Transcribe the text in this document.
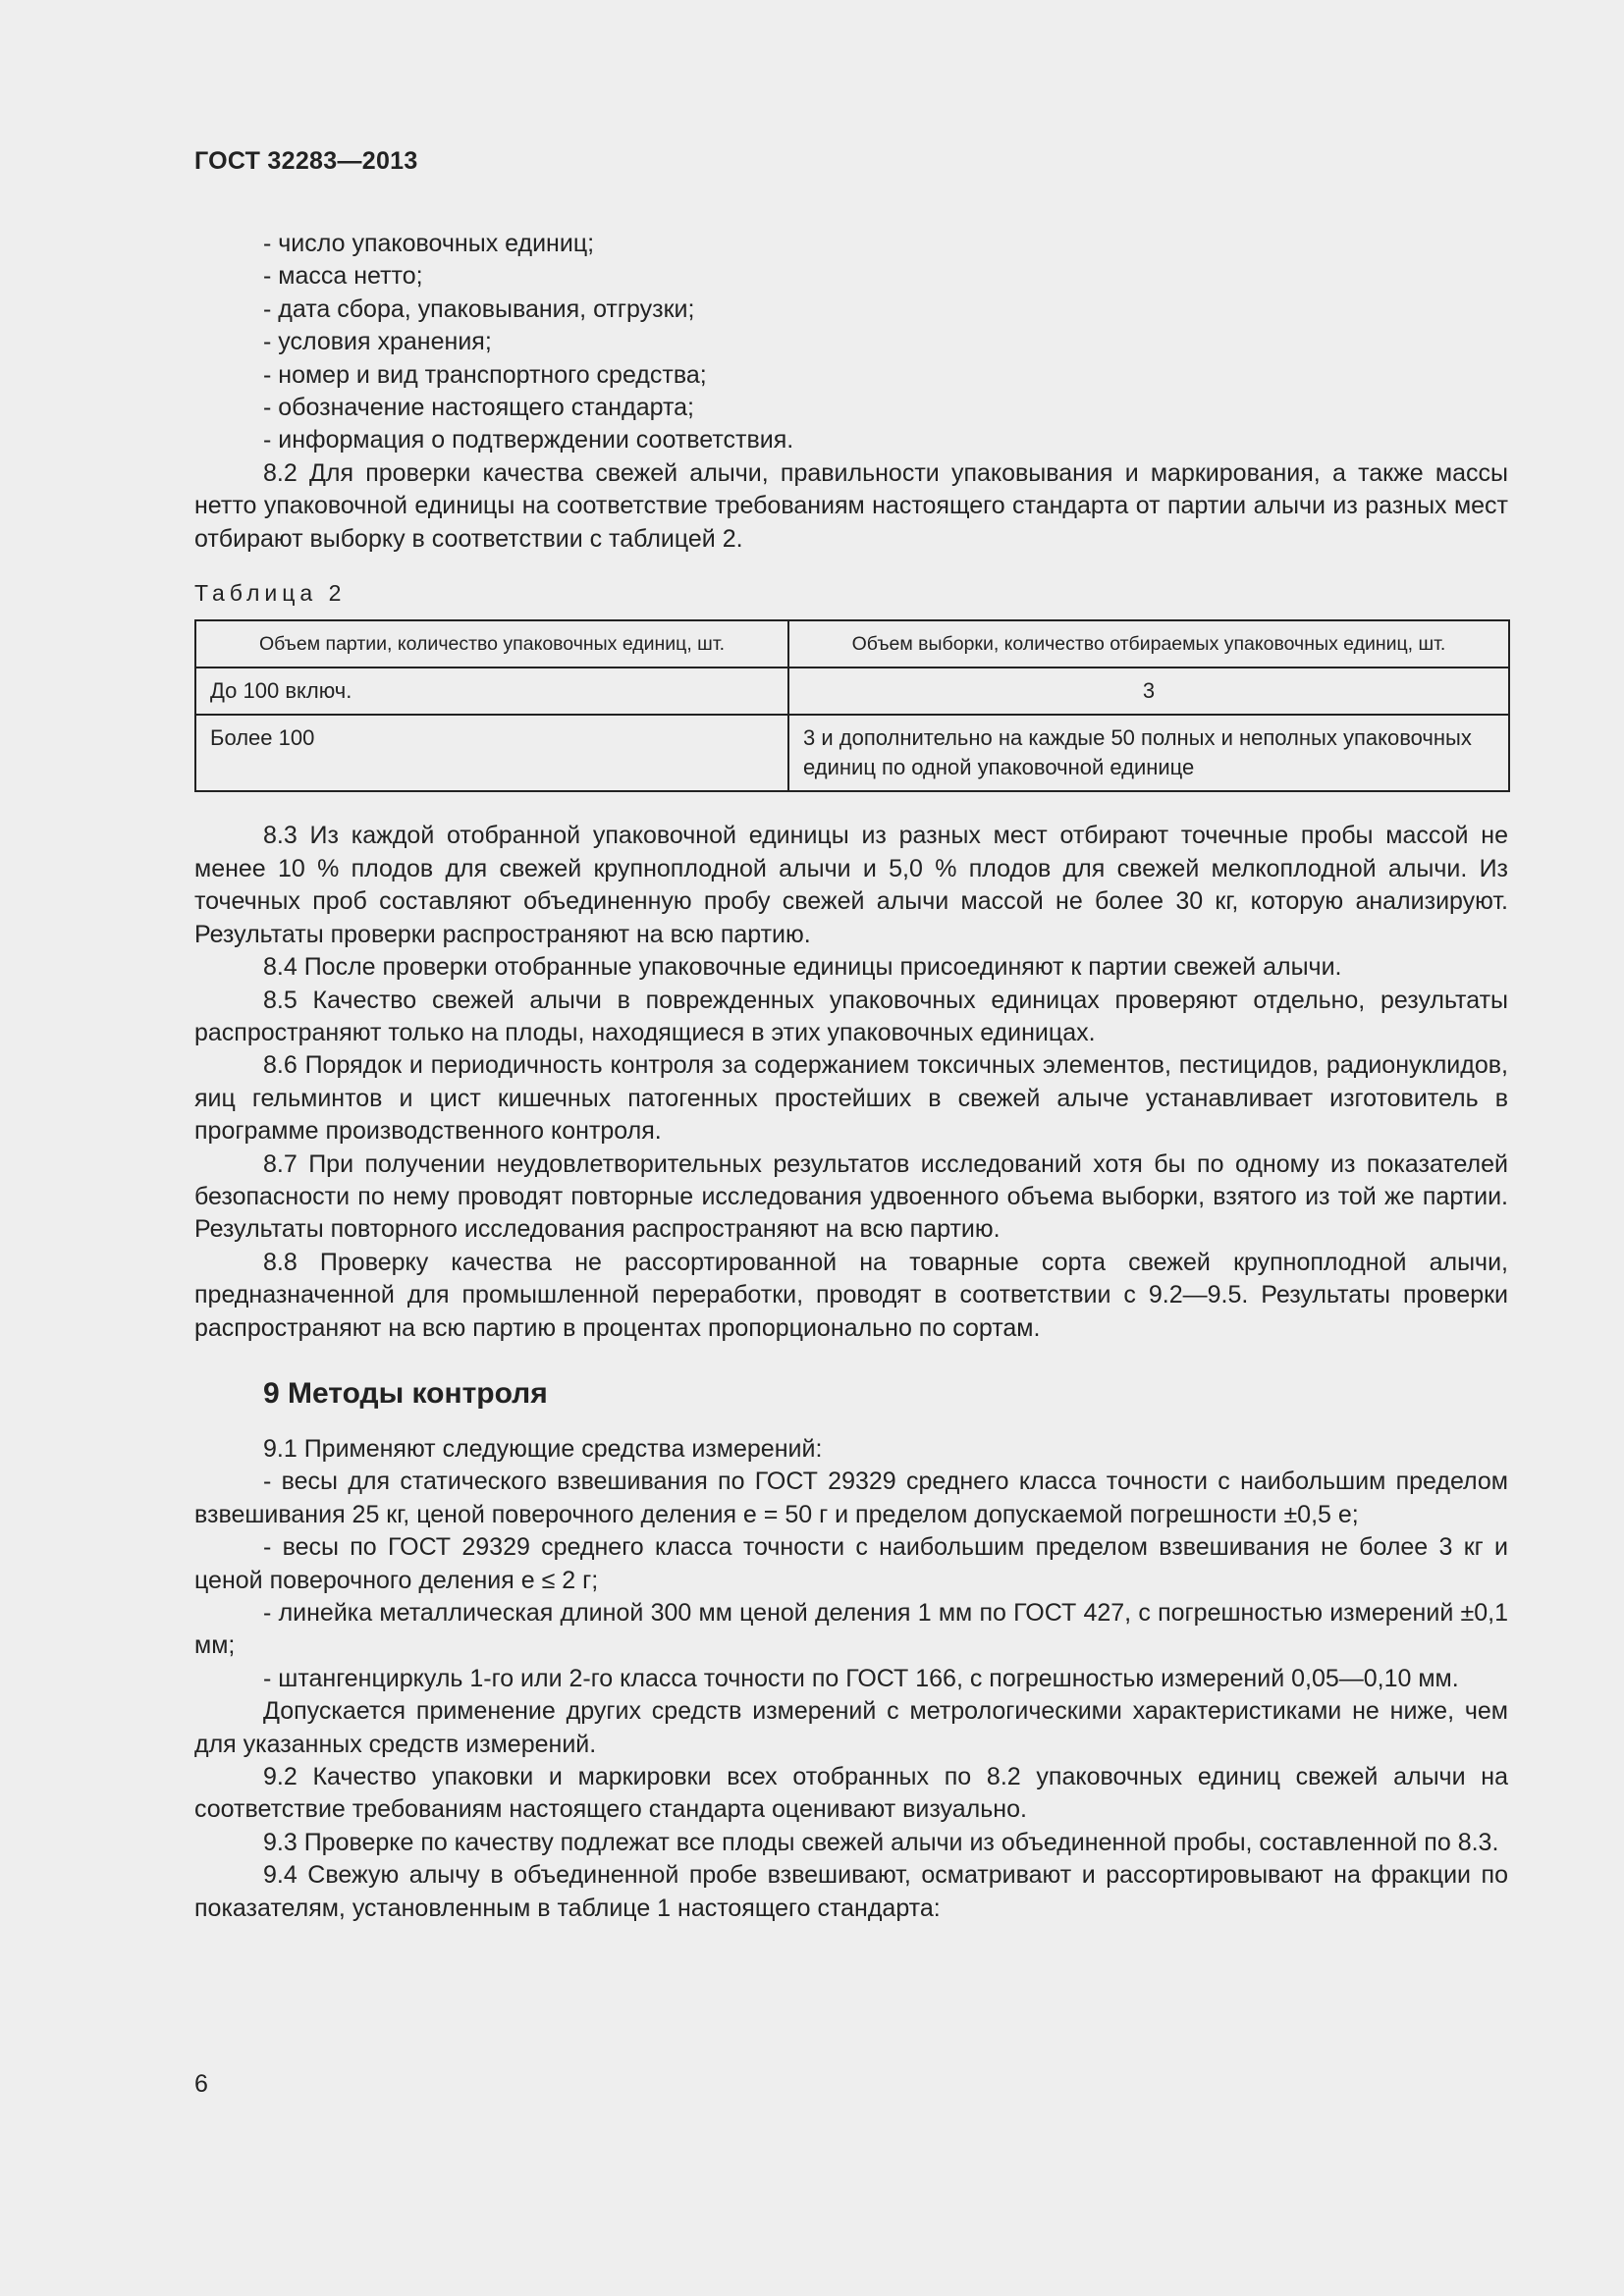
ГОСТ 32283—2013

- число упаковочных единиц;

- масса нетто;

- дата сбора, упаковывания, отгрузки;

- условия хранения;

- номер и вид транспортного средства;

- обозначение настоящего стандарта;

- информация о подтверждении соответствия.

8.2 Для проверки качества свежей алычи, правильности упаковывания и маркирования, а также массы нетто упаковочной единицы на соответствие требованиям настоящего стандарта от партии алычи из разных мест отбирают выборку в соответствии с таблицей 2.

Таблица 2
Объем партии, количество упаковочных единиц, шт.	Объем выборки, количество отбираемых упаковочных единиц, шт.
До 100 включ.	3
Более 100	3 и дополнительно на каждые 50 полных и неполных упаковочных единиц по одной упаковочной единице

8.3 Из каждой отобранной упаковочной единицы из разных мест отбирают точечные пробы массой не менее 10 % плодов для свежей крупноплодной алычи и 5,0 % плодов для свежей мелкоплодной алычи. Из точечных проб составляют объединенную пробу свежей алычи массой не более 30 кг, которую анализируют. Результаты проверки распространяют на всю партию.

8.4 После проверки отобранные упаковочные единицы присоединяют к партии свежей алычи.

8.5 Качество свежей алычи в поврежденных упаковочных единицах проверяют отдельно, результаты распространяют только на плоды, находящиеся в этих упаковочных единицах.

8.6 Порядок и периодичность контроля за содержанием токсичных элементов, пестицидов, радионуклидов, яиц гельминтов и цист кишечных патогенных простейших в свежей алыче устанавливает изготовитель в программе производственного контроля.

8.7 При получении неудовлетворительных результатов исследований хотя бы по одному из показателей безопасности по нему проводят повторные исследования удвоенного объема выборки, взятого из той же партии. Результаты повторного исследования распространяют на всю партию.

8.8 Проверку качества не рассортированной на товарные сорта свежей крупноплодной алычи, предназначенной для промышленной переработки, проводят в соответствии с 9.2—9.5. Результаты проверки распространяют на всю партию в процентах пропорционально по сортам.

9 Методы контроля

9.1 Применяют следующие средства измерений:

- весы для статического взвешивания по ГОСТ 29329 среднего класса точности с наибольшим пределом взвешивания 25 кг, ценой поверочного деления е = 50 г и пределом допускаемой погрешности ±0,5 е;

- весы по ГОСТ 29329 среднего класса точности с наибольшим пределом взвешивания не более 3 кг и ценой поверочного деления е ≤ 2 г;

- линейка металлическая длиной 300 мм ценой деления 1 мм по ГОСТ 427, с погрешностью измерений ±0,1 мм;

- штангенциркуль 1-го или 2-го класса точности по ГОСТ 166, с погрешностью измерений 0,05—0,10 мм.

Допускается применение других средств измерений с метрологическими характеристиками не ниже, чем для указанных средств измерений.

9.2 Качество упаковки и маркировки всех отобранных по 8.2 упаковочных единиц свежей алычи на соответствие требованиям настоящего стандарта оценивают визуально.

9.3 Проверке по качеству подлежат все плоды свежей алычи из объединенной пробы, составленной по 8.3.

9.4 Свежую алычу в объединенной пробе взвешивают, осматривают и рассортировывают на фракции по показателям, установленным в таблице 1 настоящего стандарта:

6
